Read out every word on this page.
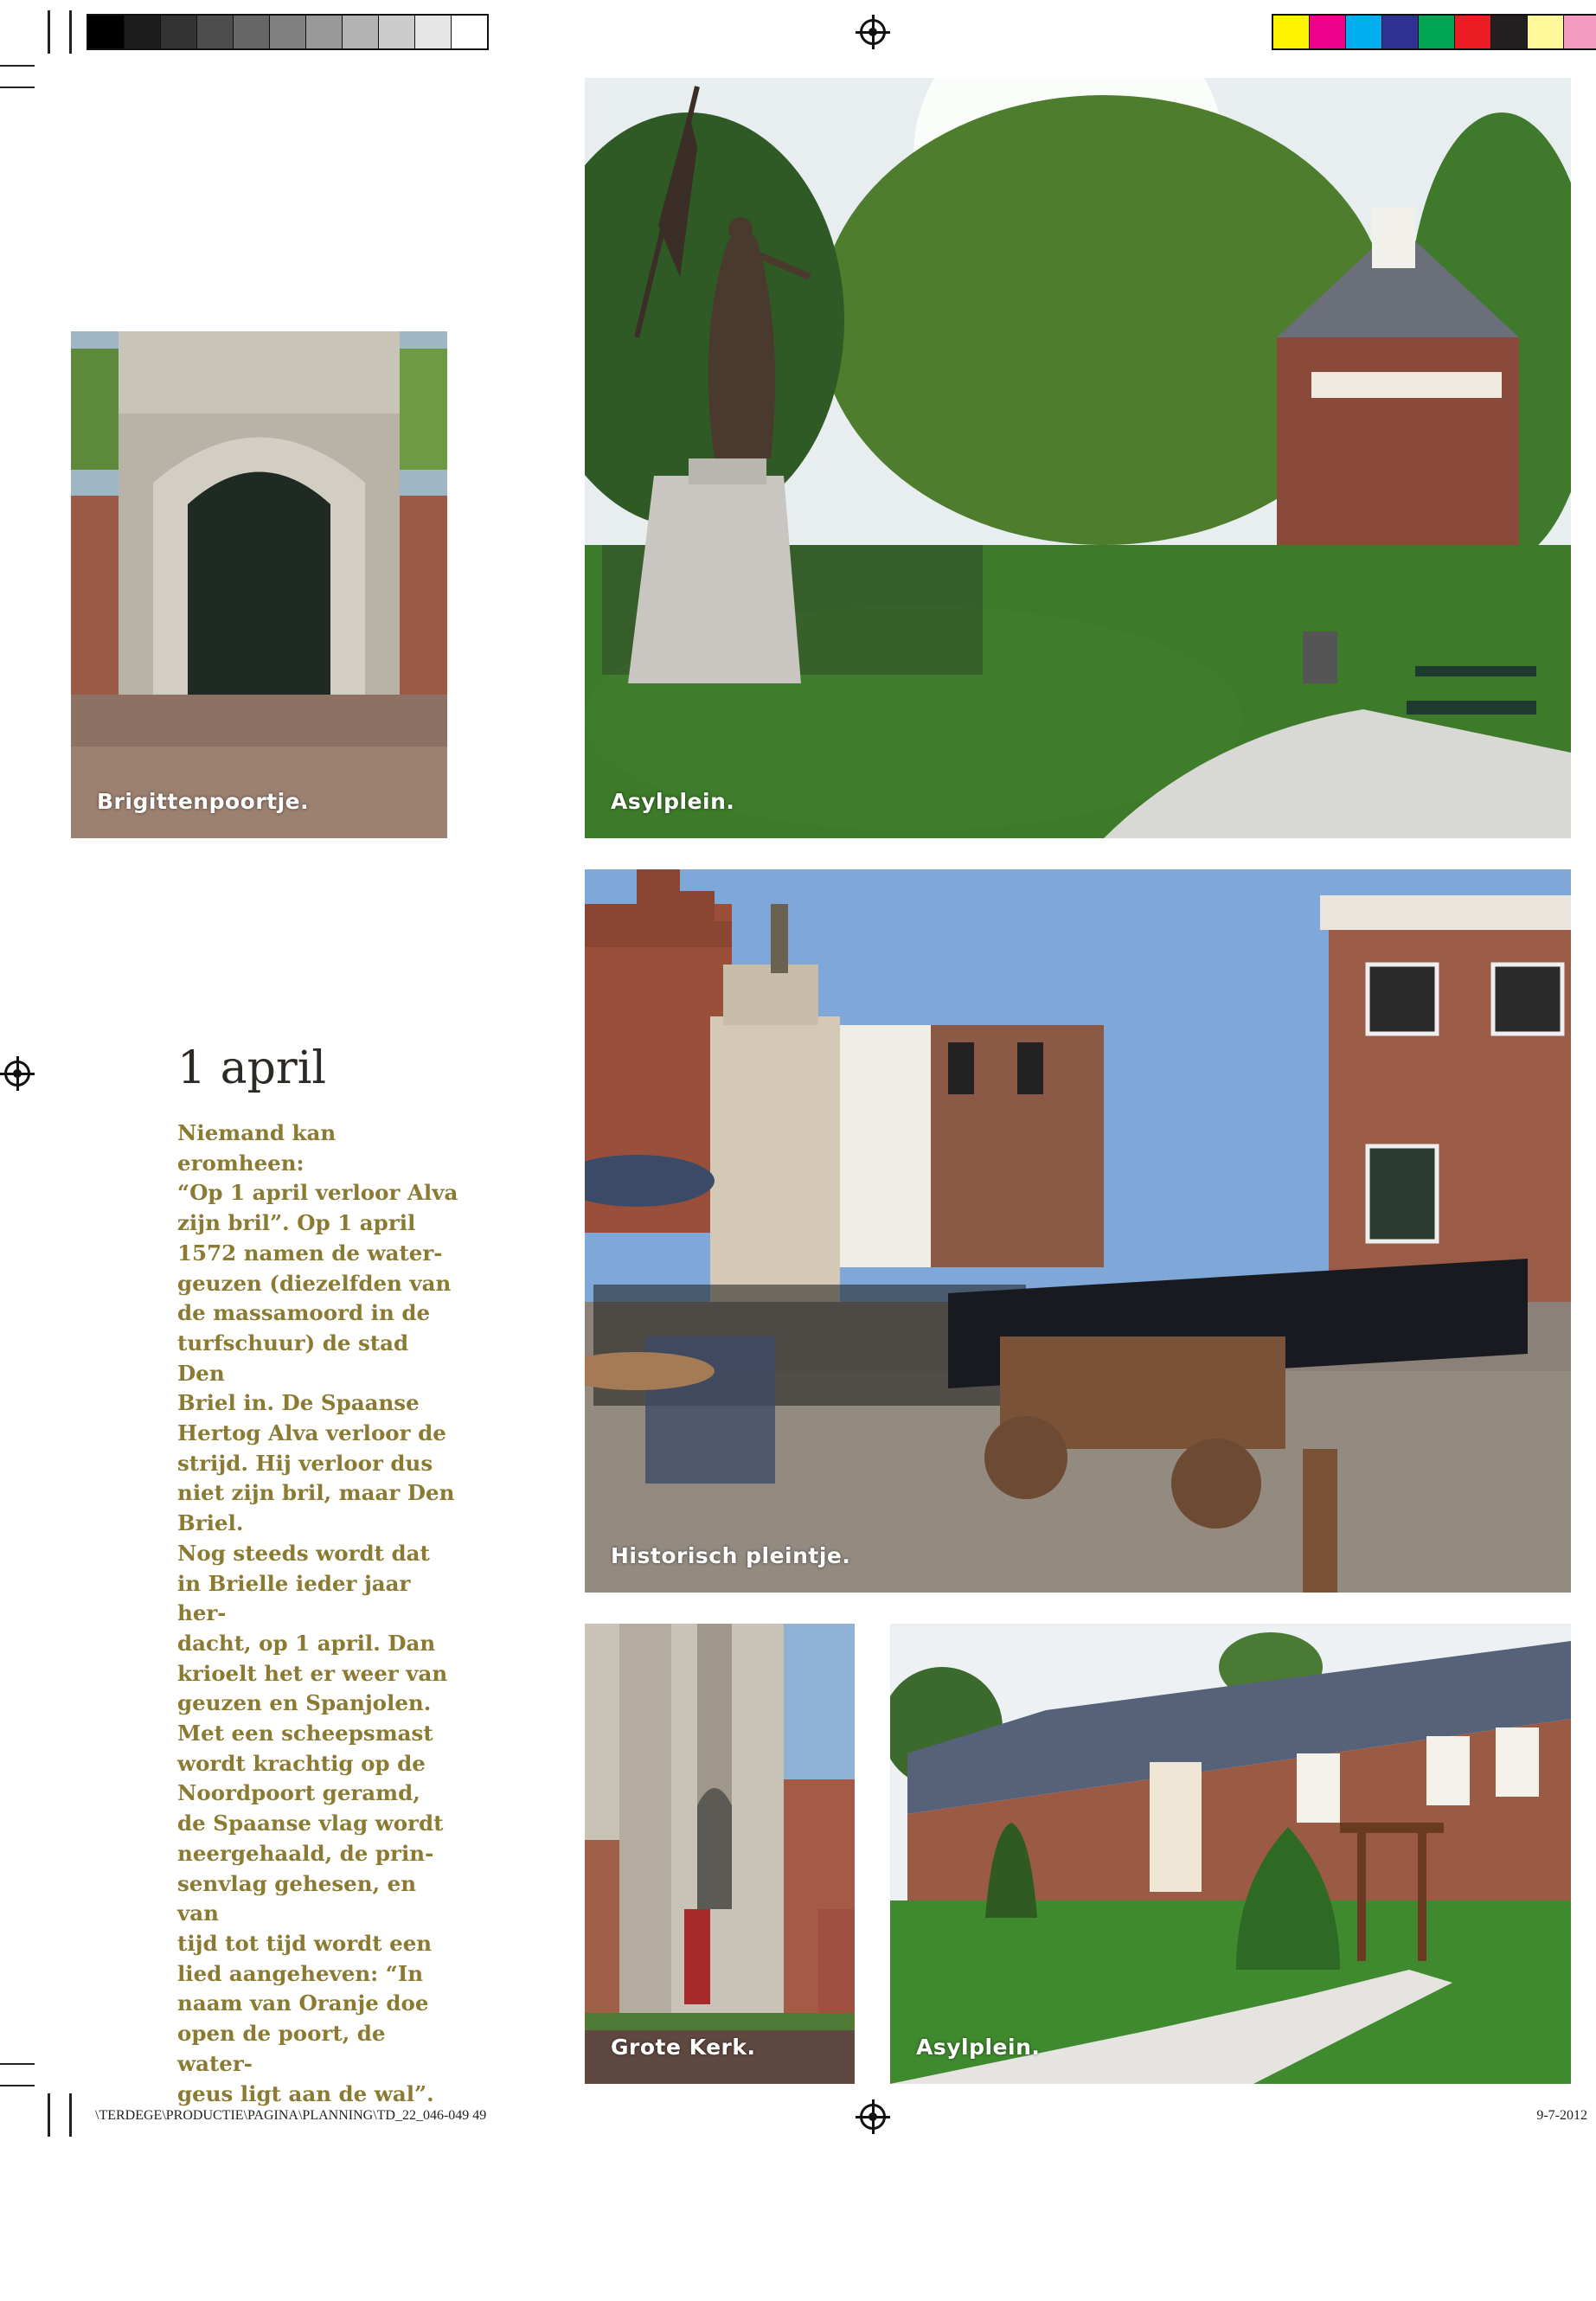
Brigittenpoortje.	Asylplein.
Historisch pleintje.
Grote Kerk.	Asylplein.
1 april
Niemand kan eromheen:
“Op 1 april verloor Alva
zijn bril”. Op 1 april
1572 namen de water-
geuzen (diezelfden van
de massamoord in de
turfschuur) de stad Den
Briel in. De Spaanse
Hertog Alva verloor de
strijd. Hij verloor dus
niet zijn bril, maar Den
Briel.
Nog steeds wordt dat
in Brielle ieder jaar her-
dacht, op 1 april. Dan
krioelt het er weer van
geuzen en Spanjolen.
Met een scheepsmast
wordt krachtig op de
Noordpoort geramd,
de Spaanse vlag wordt
neergehaald, de prin-
senvlag gehesen, en van
tijd tot tijd wordt een
lied aangeheven: “In
naam van Oranje doe
open de poort, de water-
geus ligt aan de wal”.
\TERDEGE\PRODUCTIE\PAGINA\PLANNING\TD_22_046-049 49	9-7-2012
